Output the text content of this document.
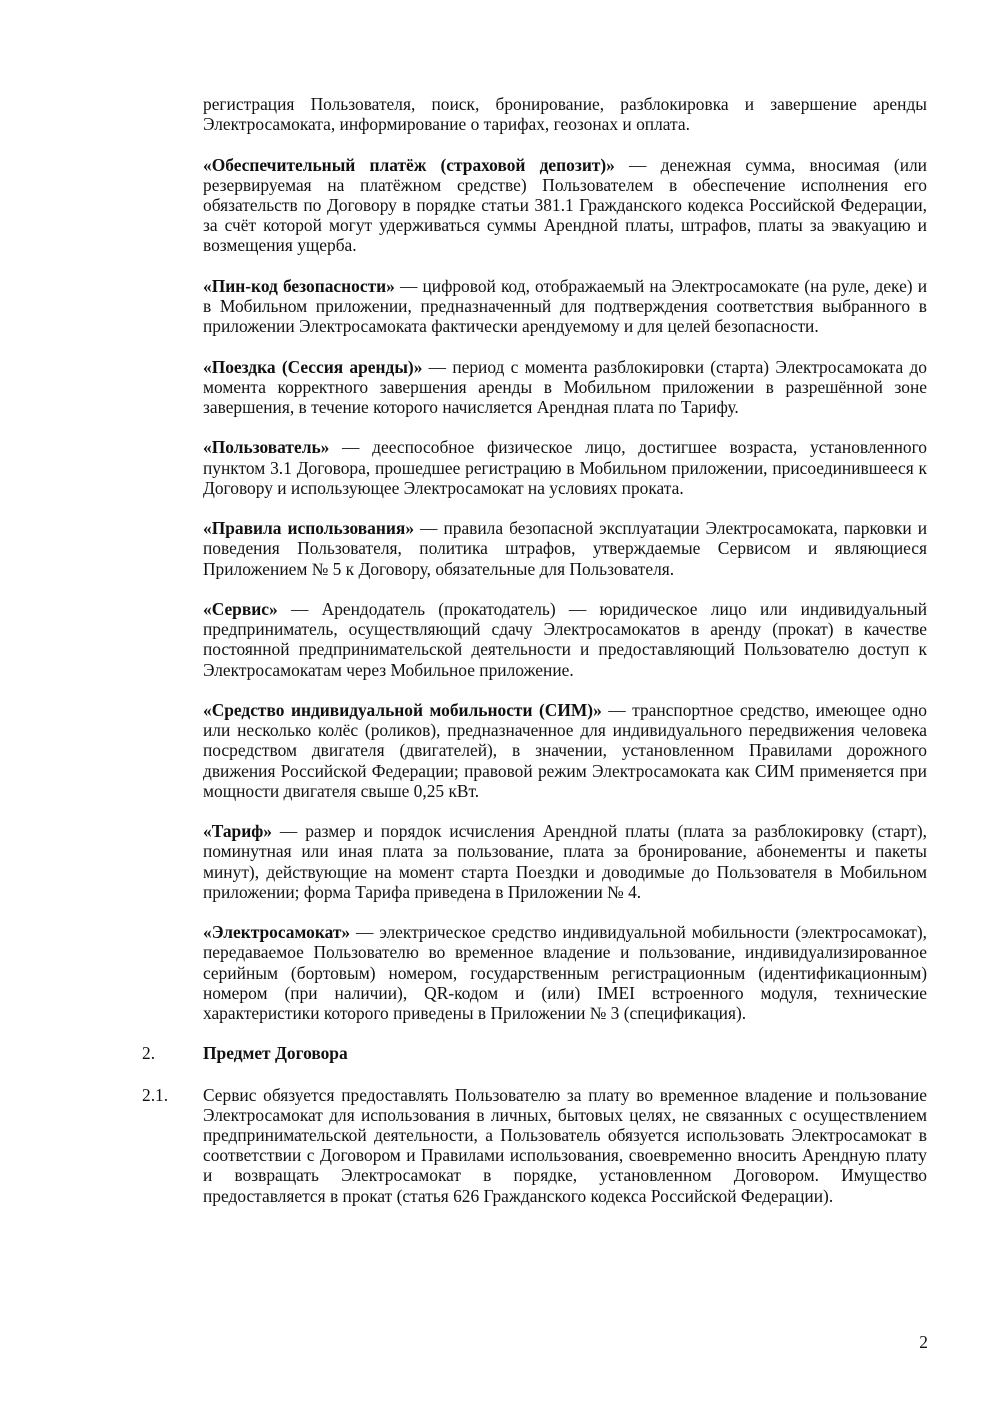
регистрация Пользователя, поиск, бронирование, разблокировка и завершение аренды Электросамоката, информирование о тарифах, геозонах и оплата.

«Обеспечительный платёж (страховой депозит)» — денежная сумма, вносимая (или резервируемая на платёжном средстве) Пользователем в обеспечение исполнения его обязательств по Договору в порядке статьи 381.1 Гражданского кодекса Российской Федерации, за счёт которой могут удерживаться суммы Арендной платы, штрафов, платы за эвакуацию и возмещения ущерба.

«Пин-код безопасности» — цифровой код, отображаемый на Электросамокате (на руле, деке) и в Мобильном приложении, предназначенный для подтверждения соответствия выбранного в приложении Электросамоката фактически арендуемому и для целей безопасности.

«Поездка (Сессия аренды)» — период с момента разблокировки (старта) Электросамоката до момента корректного завершения аренды в Мобильном приложении в разрешённой зоне завершения, в течение которого начисляется Арендная плата по Тарифу.

«Пользователь» — дееспособное физическое лицо, достигшее возраста, установленного пунктом 3.1 Договора, прошедшее регистрацию в Мобильном приложении, присоединившееся к Договору и использующее Электросамокат на условиях проката.

«Правила использования» — правила безопасной эксплуатации Электросамоката, парковки и поведения Пользователя, политика штрафов, утверждаемые Сервисом и являющиеся Приложением № 5 к Договору, обязательные для Пользователя.

«Сервис» — Арендодатель (прокатодатель) — юридическое лицо или индивидуальный предприниматель, осуществляющий сдачу Электросамокатов в аренду (прокат) в качестве постоянной предпринимательской деятельности и предоставляющий Пользователю доступ к Электросамокатам через Мобильное приложение.

«Средство индивидуальной мобильности (СИМ)» — транспортное средство, имеющее одно или несколько колёс (роликов), предназначенное для индивидуального передвижения человека посредством двигателя (двигателей), в значении, установленном Правилами дорожного движения Российской Федерации; правовой режим Электросамоката как СИМ применяется при мощности двигателя свыше 0,25 кВт.

«Тариф» — размер и порядок исчисления Арендной платы (плата за разблокировку (старт), поминутная или иная плата за пользование, плата за бронирование, абонементы и пакеты минут), действующие на момент старта Поездки и доводимые до Пользователя в Мобильном приложении; форма Тарифа приведена в Приложении № 4.

«Электросамокат» — электрическое средство индивидуальной мобильности (электросамокат), передаваемое Пользователю во временное владение и пользование, индивидуализированное серийным (бортовым) номером, государственным регистрационным (идентификационным) номером (при наличии), QR-кодом и (или) IMEI встроенного модуля, технические характеристики которого приведены в Приложении № 3 (спецификация).

2.	Предмет Договора
2.1. Сервис обязуется предоставлять Пользователю за плату во временное владение и пользование Электросамокат для использования в личных, бытовых целях, не связанных с осуществлением предпринимательской деятельности, а Пользователь обязуется использовать Электросамокат в соответствии с Договором и Правилами использования, своевременно вносить Арендную плату и возвращать Электросамокат в порядке, установленном Договором. Имущество предоставляется в прокат (статья 626 Гражданского кодекса Российской Федерации).

2
